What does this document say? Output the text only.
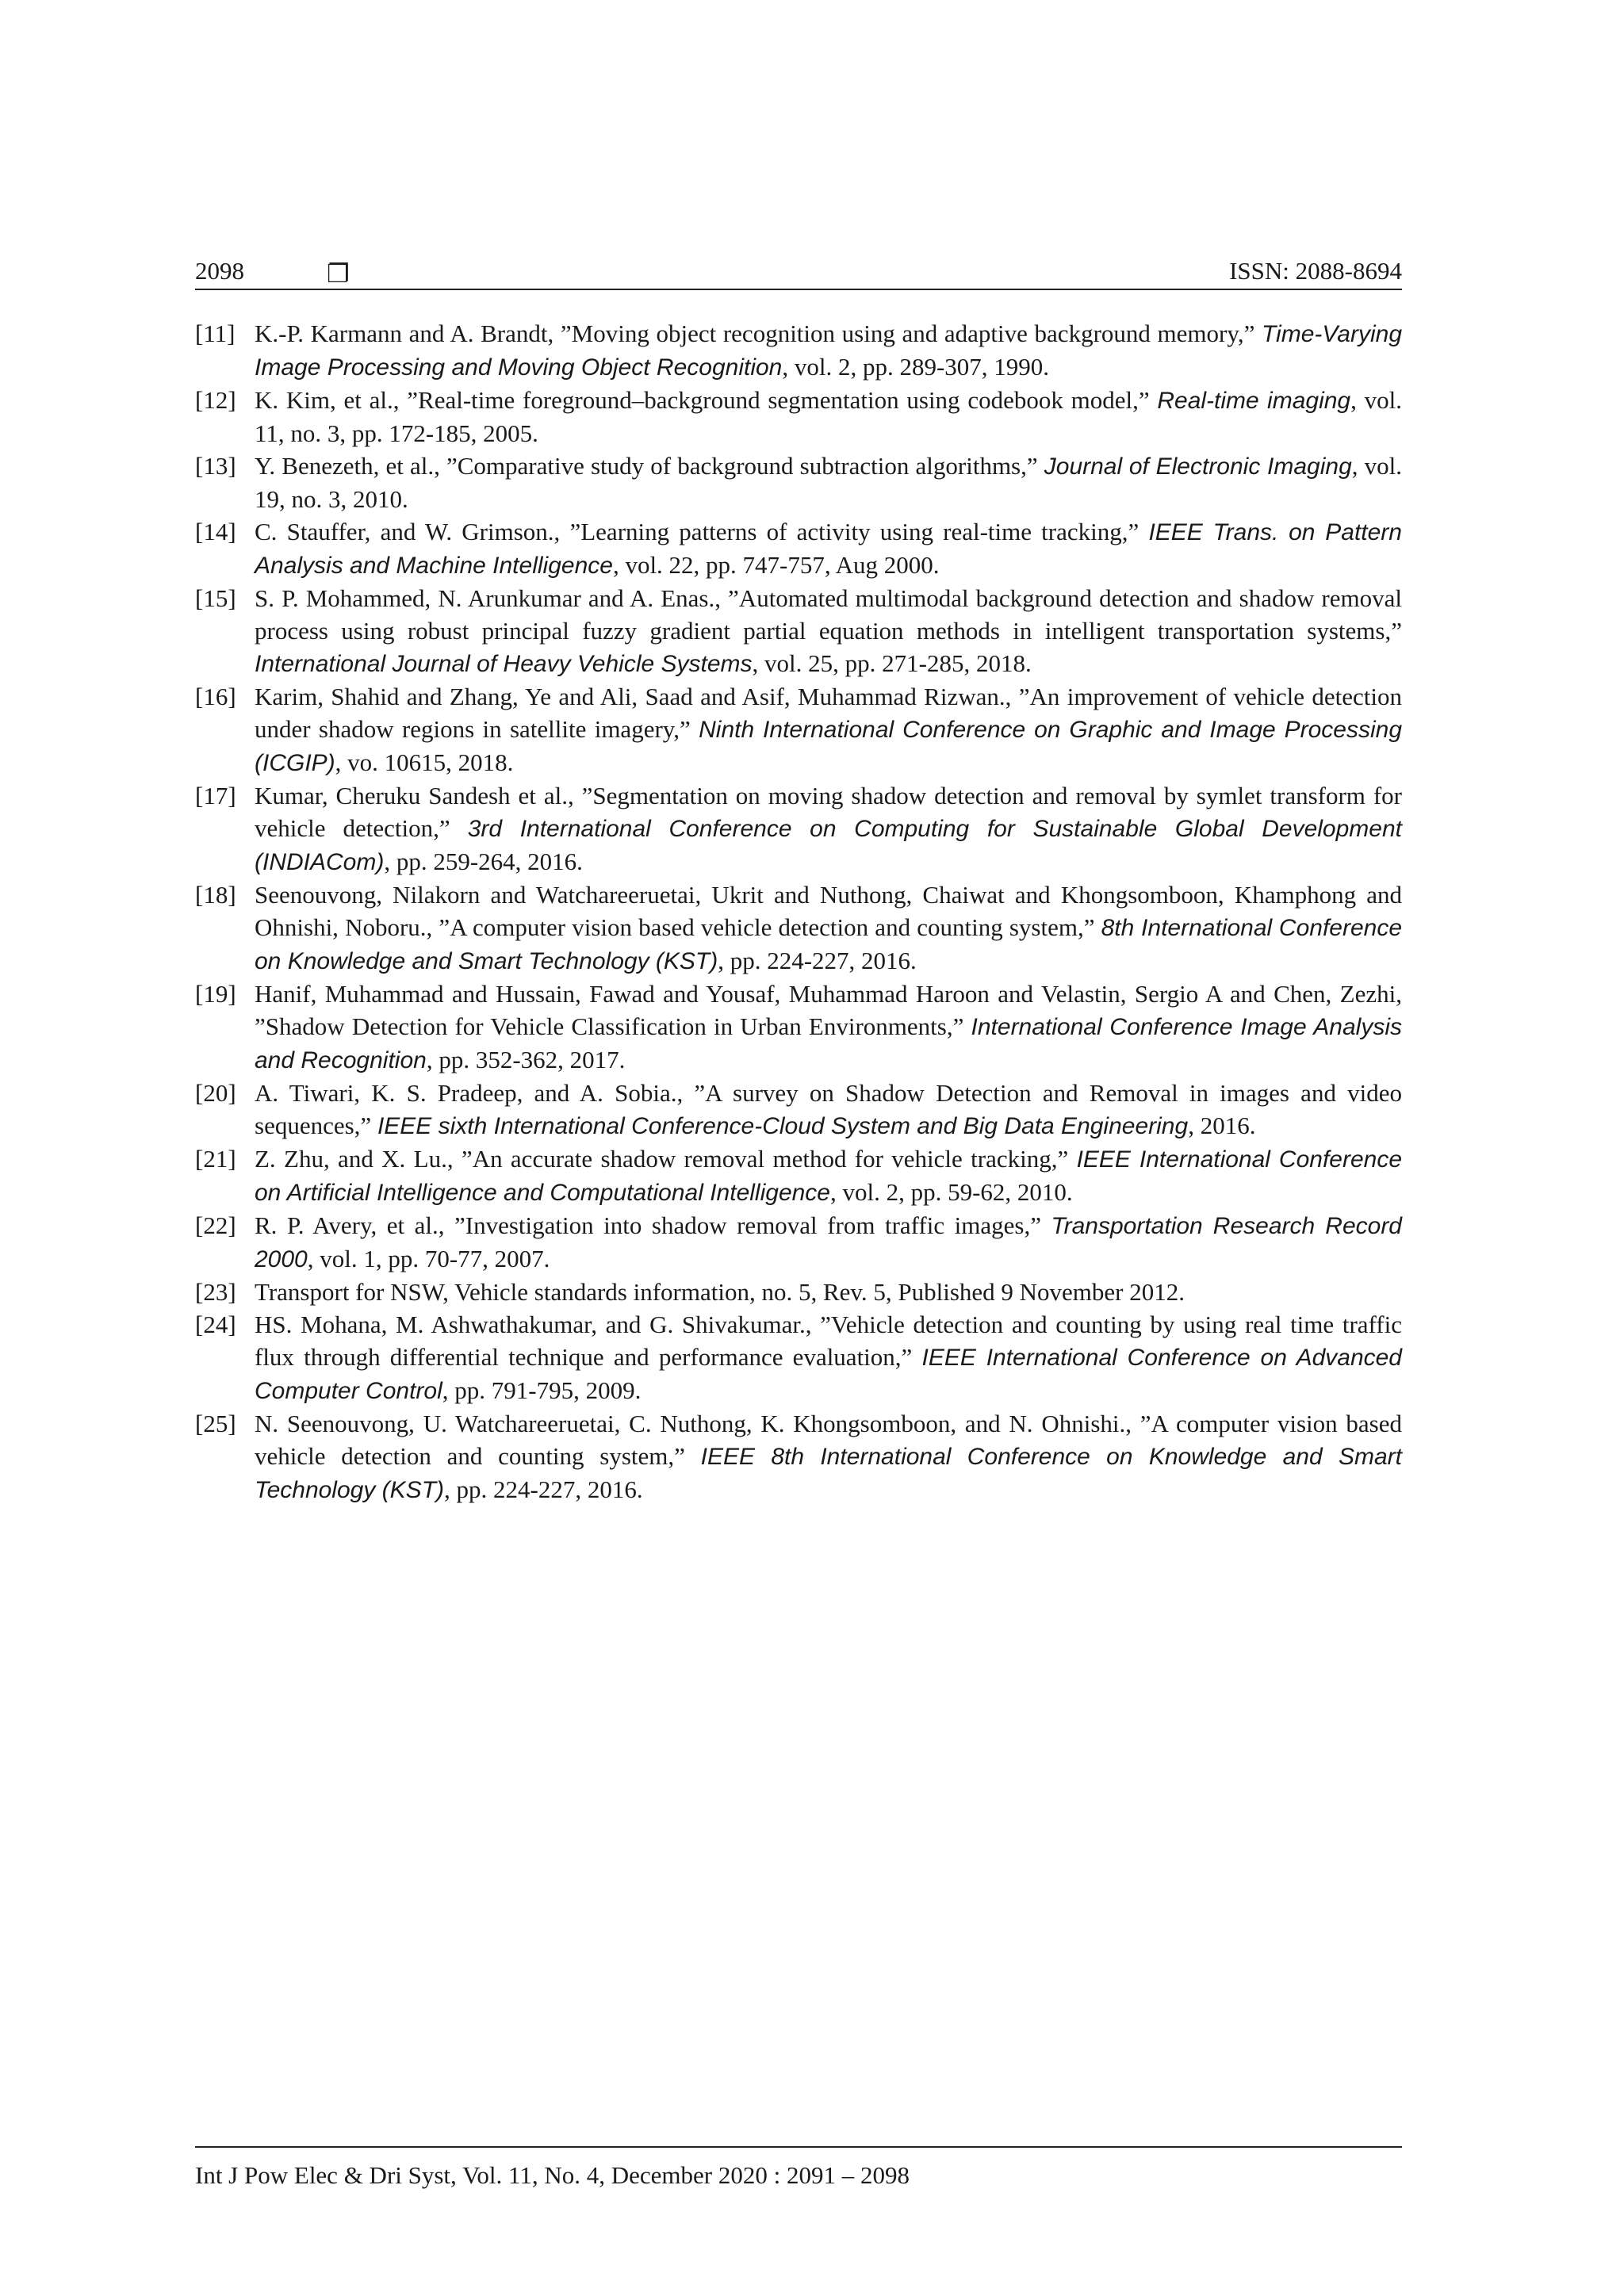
2098	❐	ISSN: 2088-8694
[11] K.-P. Karmann and A. Brandt, ”Moving object recognition using and adaptive background memory,” Time-Varying Image Processing and Moving Object Recognition, vol. 2, pp. 289-307, 1990.
[12] K. Kim, et al., ”Real-time foreground–background segmentation using codebook model,” Real-time imaging, vol. 11, no. 3, pp. 172-185, 2005.
[13] Y. Benezeth, et al., ”Comparative study of background subtraction algorithms,” Journal of Electronic Imaging, vol. 19, no. 3, 2010.
[14] C. Stauffer, and W. Grimson., ”Learning patterns of activity using real-time tracking,” IEEE Trans. on Pattern Analysis and Machine Intelligence, vol. 22, pp. 747-757, Aug 2000.
[15] S. P. Mohammed, N. Arunkumar and A. Enas., ”Automated multimodal background detection and shadow removal process using robust principal fuzzy gradient partial equation methods in intelligent transportation systems,” International Journal of Heavy Vehicle Systems, vol. 25, pp. 271-285, 2018.
[16] Karim, Shahid and Zhang, Ye and Ali, Saad and Asif, Muhammad Rizwan., ”An improvement of vehicle detection under shadow regions in satellite imagery,” Ninth International Conference on Graphic and Image Processing (ICGIP), vo. 10615, 2018.
[17] Kumar, Cheruku Sandesh et al., ”Segmentation on moving shadow detection and removal by symlet transform for vehicle detection,” 3rd International Conference on Computing for Sustainable Global Development (INDIACom), pp. 259-264, 2016.
[18] Seenouvong, Nilakorn and Watchareeruetai, Ukrit and Nuthong, Chaiwat and Khongsomboon, Khamphong and Ohnishi, Noboru., ”A computer vision based vehicle detection and counting system,” 8th International Conference on Knowledge and Smart Technology (KST), pp. 224-227, 2016.
[19] Hanif, Muhammad and Hussain, Fawad and Yousaf, Muhammad Haroon and Velastin, Sergio A and Chen, Zezhi, ”Shadow Detection for Vehicle Classification in Urban Environments,” International Conference Image Analysis and Recognition, pp. 352-362, 2017.
[20] A. Tiwari, K. S. Pradeep, and A. Sobia., ”A survey on Shadow Detection and Removal in images and video sequences,” IEEE sixth International Conference-Cloud System and Big Data Engineering, 2016.
[21] Z. Zhu, and X. Lu., ”An accurate shadow removal method for vehicle tracking,” IEEE International Conference on Artificial Intelligence and Computational Intelligence, vol. 2, pp. 59-62, 2010.
[22] R. P. Avery, et al., ”Investigation into shadow removal from traffic images,” Transportation Research Record 2000, vol. 1, pp. 70-77, 2007.
[23] Transport for NSW, Vehicle standards information, no. 5, Rev. 5, Published 9 November 2012.
[24] HS. Mohana, M. Ashwathakumar, and G. Shivakumar., ”Vehicle detection and counting by using real time traffic flux through differential technique and performance evaluation,” IEEE International Conference on Advanced Computer Control, pp. 791-795, 2009.
[25] N. Seenouvong, U. Watchareeruetai, C. Nuthong, K. Khongsomboon, and N. Ohnishi., ”A computer vision based vehicle detection and counting system,” IEEE 8th International Conference on Knowledge and Smart Technology (KST), pp. 224-227, 2016.
Int J Pow Elec & Dri Syst, Vol. 11, No. 4, December 2020 : 2091 – 2098
